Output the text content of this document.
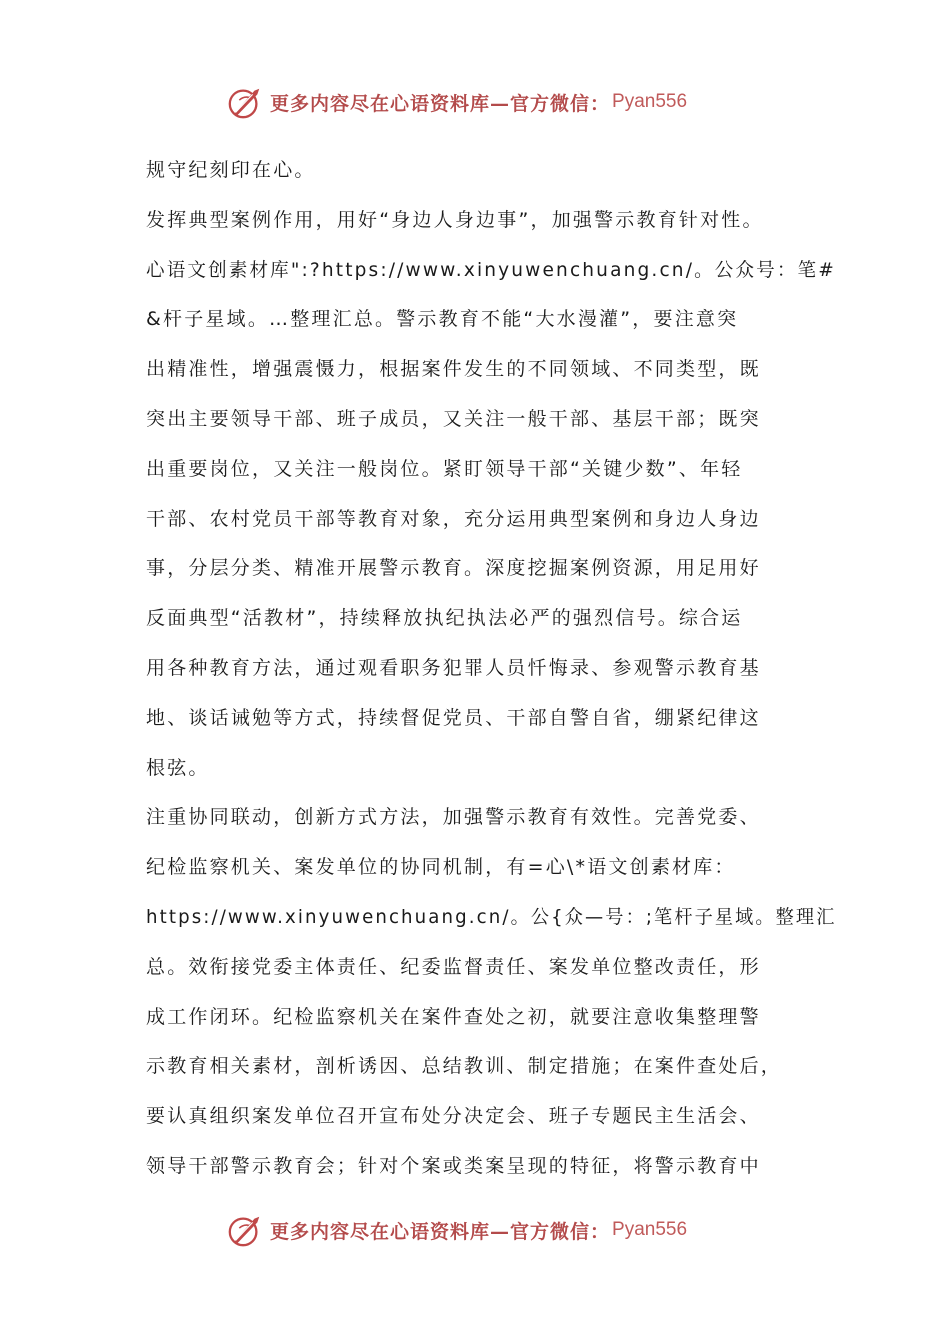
更多内容尽在心语资料库—官方微信： Pyan556
规守纪刻印在心。
发挥典型案例作用，用好“身边人身边事”，加强警示教育针对性。
心语文创素材库":?https://www.xinyuwenchuang.cn/。公众号：笔#
&杆子星域。…整理汇总。警示教育不能“大水漫灌”，要注意突
出精准性，增强震慑力，根据案件发生的不同领域、不同类型，既
突出主要领导干部、班子成员，又关注一般干部、基层干部；既突
出重要岗位，又关注一般岗位。紧盯领导干部“关键少数”、年轻
干部、农村党员干部等教育对象，充分运用典型案例和身边人身边
事，分层分类、精准开展警示教育。深度挖掘案例资源，用足用好
反面典型“活教材”，持续释放执纪执法必严的强烈信号。综合运
用各种教育方法，通过观看职务犯罪人员忏悔录、参观警示教育基
地、谈话诫勉等方式，持续督促党员、干部自警自省，绷紧纪律这
根弦。
注重协同联动，创新方式方法，加强警示教育有效性。完善党委、
纪检监察机关、案发单位的协同机制，有=心\*语文创素材库：
https://www.xinyuwenchuang.cn/。公{众—号：;笔杆子星域。整理汇
总。效衔接党委主体责任、纪委监督责任、案发单位整改责任，形
成工作闭环。纪检监察机关在案件查处之初，就要注意收集整理警
示教育相关素材，剖析诱因、总结教训、制定措施；在案件查处后，
要认真组织案发单位召开宣布处分决定会、班子专题民主生活会、
领导干部警示教育会；针对个案或类案呈现的特征，将警示教育中
更多内容尽在心语资料库—官方微信： Pyan556
